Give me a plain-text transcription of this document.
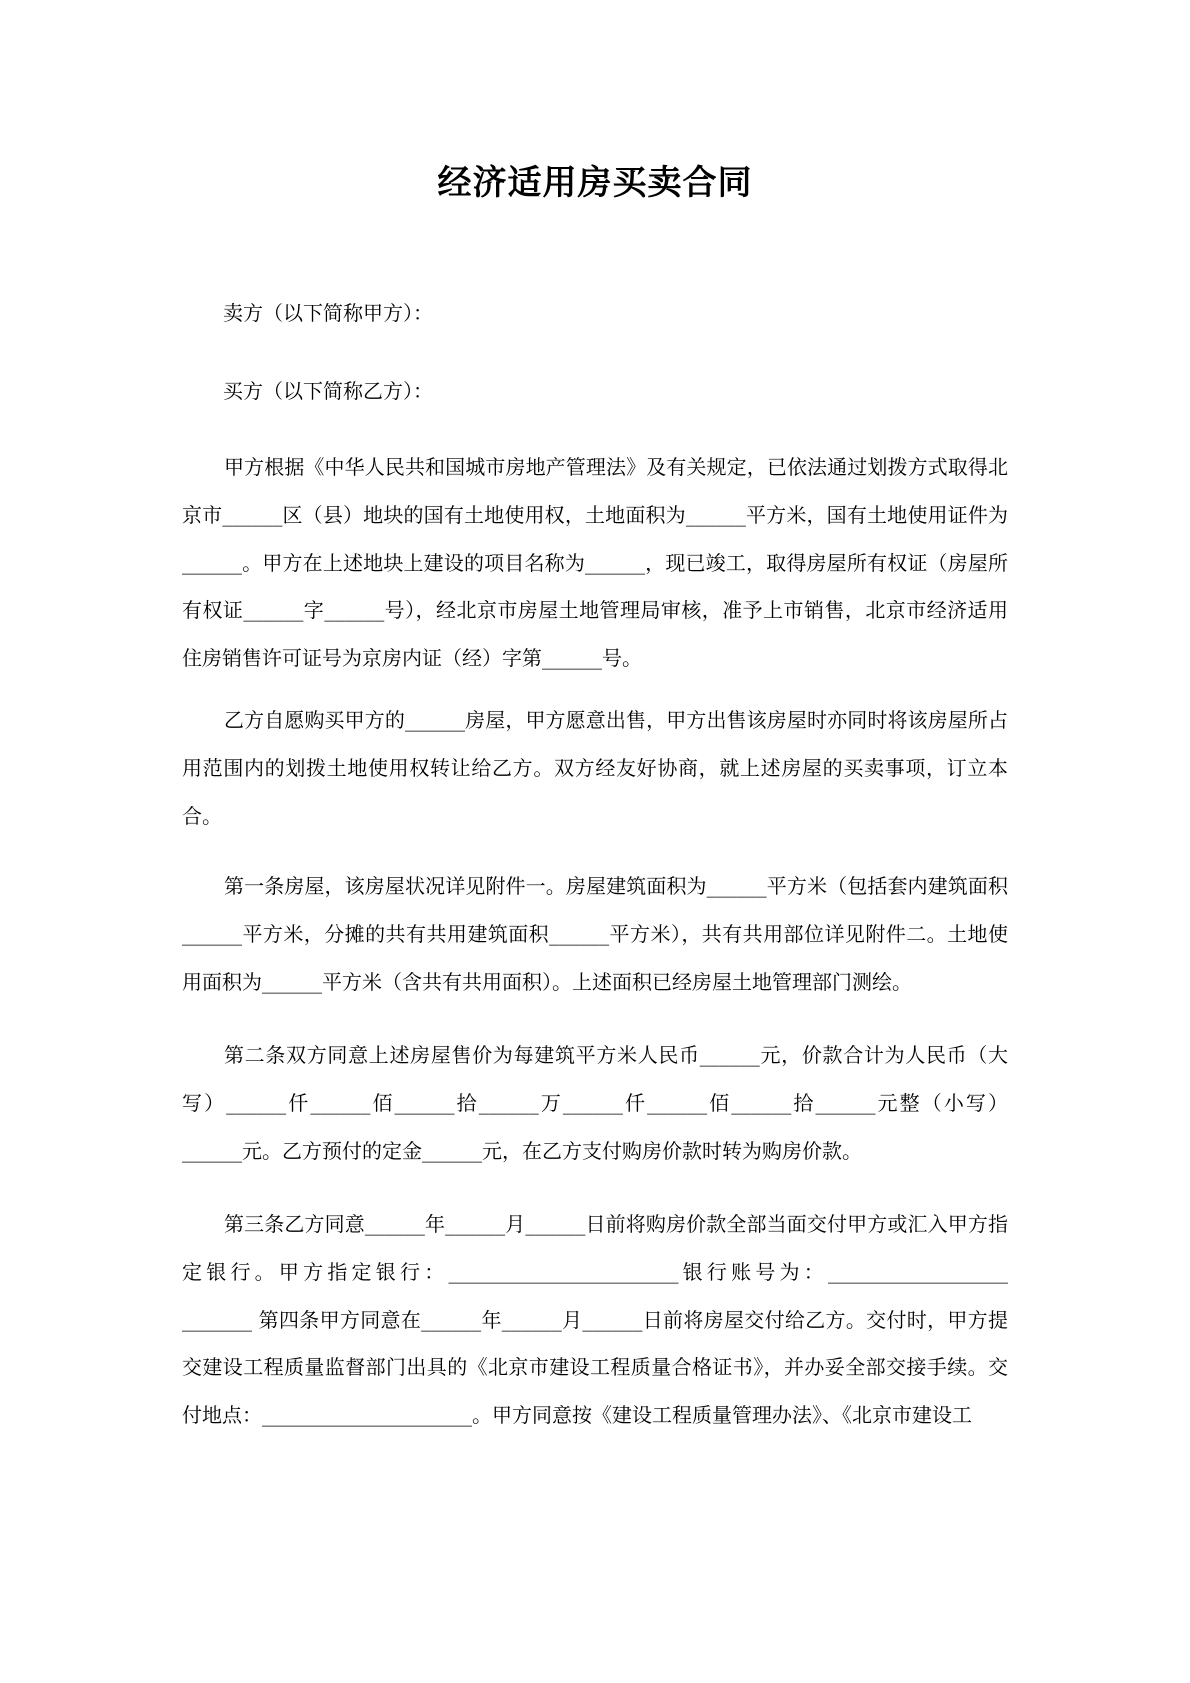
经济适用房买卖合同
卖方（以下简称甲方）：
买方（以下简称乙方）：
甲方根据《中华人民共和国城市房地产管理法》及有关规定，已依法通过划拨方式取得北京市______区（县）地块的国有土地使用权，土地面积为______平方米，国有土地使用证件为______。甲方在上述地块上建设的项目名称为______，现已竣工，取得房屋所有权证（房屋所有权证______字______号），经北京市房屋土地管理局审核，准予上市销售，北京市经济适用住房销售许可证号为京房内证（经）字第______号。
乙方自愿购买甲方的______房屋，甲方愿意出售，甲方出售该房屋时亦同时将该房屋所占用范围内的划拨土地使用权转让给乙方。双方经友好协商，就上述房屋的买卖事项，订立本合。
第一条房屋，该房屋状况详见附件一。房屋建筑面积为______平方米（包括套内建筑面积______平方米，分摊的共有共用建筑面积______平方米），共有共用部位详见附件二。土地使用面积为______平方米（含共有共用面积）。上述面积已经房屋土地管理部门测绘。
第二条双方同意上述房屋售价为每建筑平方米人民币______元，价款合计为人民币（大写）______仟______佰______拾______万______仟______佰______拾______元整（小写）______元。乙方预付的定金______元，在乙方支付购房价款时转为购房价款。
第三条乙方同意______年______月______日前将购房价款全部当面交付甲方或汇入甲方指定银行。甲方指定银行：_______________________银行账号为：__________________ _______ 第四条甲方同意在______年______月______日前将房屋交付给乙方。交付时，甲方提交建设工程质量监督部门出具的《北京市建设工程质量合格证书》，并办妥全部交接手续。交付地点：_____________________。甲方同意按《建设工程质量管理办法》、《北京市建设工
